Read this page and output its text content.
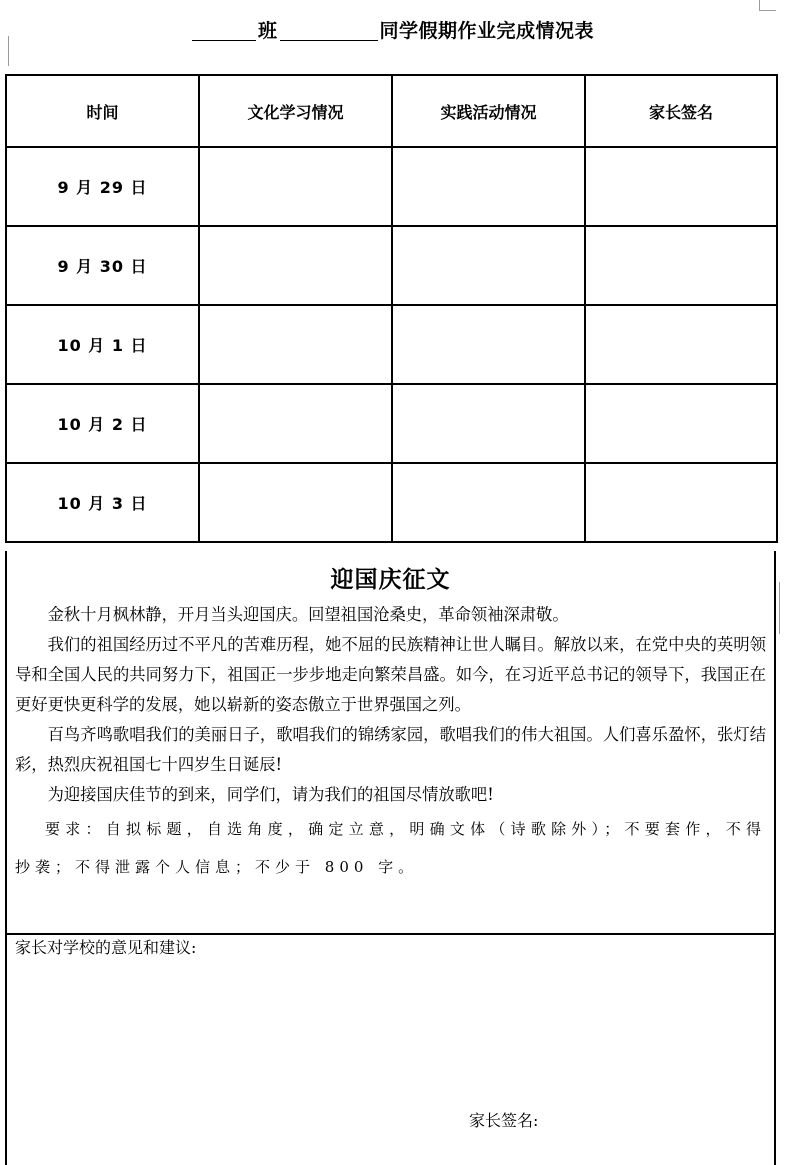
班	同学假期作业完成情况表
时间	文化学习情况	实践活动情况	家长签名
9 月 29 日			
9 月 30 日			
10 月 1 日			
10 月 2 日			
10 月 3 日			
迎国庆征文

金秋十月枫林静，开月当头迎国庆。回望祖国沧桑史，革命领袖深肃敬。

我们的祖国经历过不平凡的苦难历程，她不屈的民族精神让世人瞩目。解放以来，在党中央的英明领导和全国人民的共同努力下，祖国正一步步地走向繁荣昌盛。如今，在习近平总书记的领导下，我国正在更好更快更科学的发展，她以崭新的姿态傲立于世界强国之列。

百鸟齐鸣歌唱我们的美丽日子，歌唱我们的锦绣家园，歌唱我们的伟大祖国。人们喜乐盈怀，张灯结彩，热烈庆祝祖国七十四岁生日诞辰!

为迎接国庆佳节的到来，同学们，请为我们的祖国尽情放歌吧!

要求：自拟标题，自选角度，确定立意，明确文体（诗歌除外）；不要套作，不得抄袭；不得泄露个人信息；不少于 800 字。

家长对学校的意见和建议:
家长签名:
